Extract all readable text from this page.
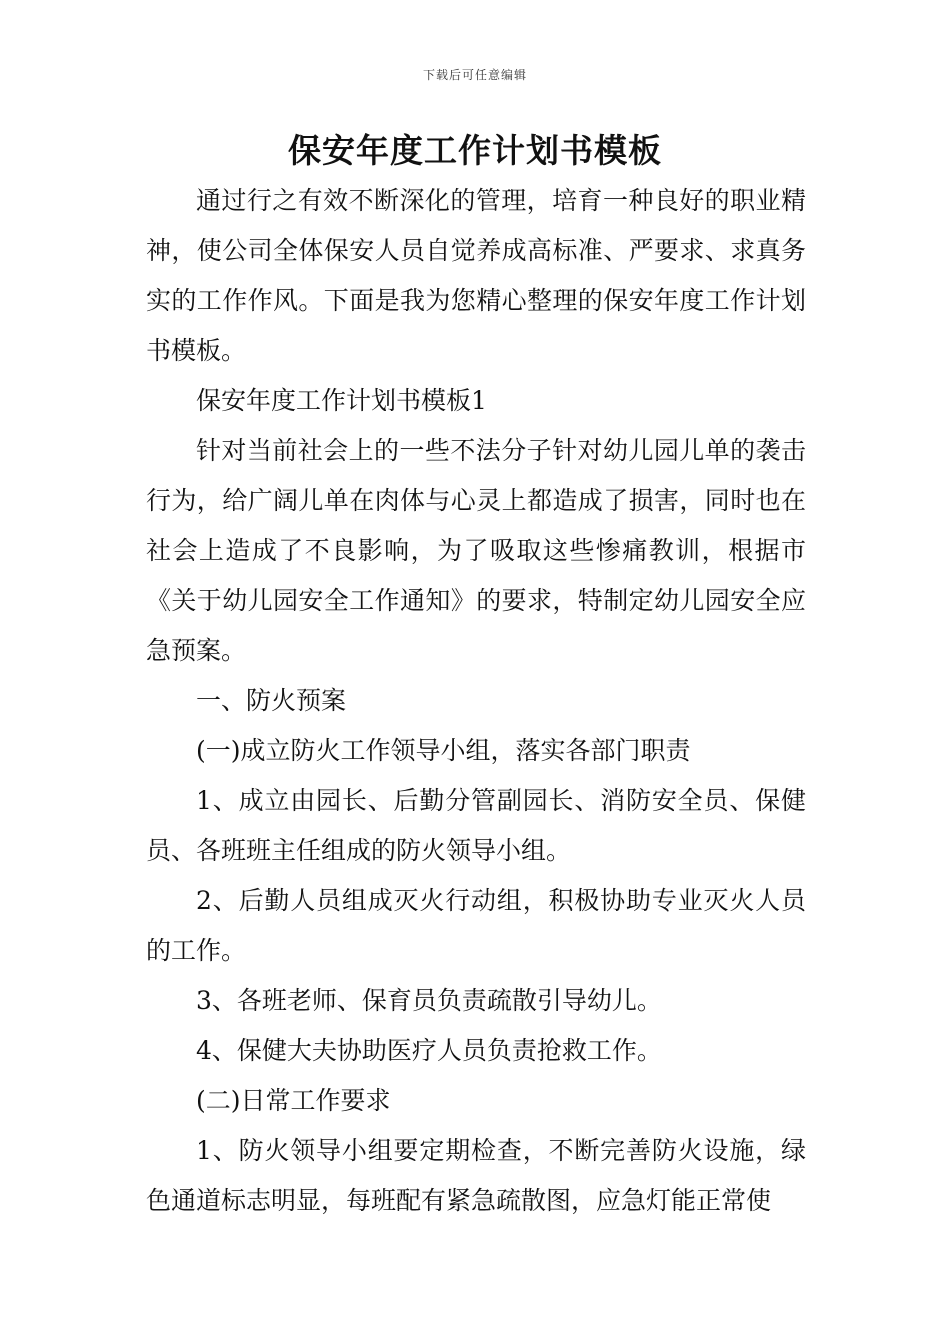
下载后可任意编辑
保安年度工作计划书模板

通过行之有效不断深化的管理，培育一种良好的职业精神，使公司全体保安人员自觉养成高标准、严要求、求真务实的工作作风。下面是我为您精心整理的保安年度工作计划书模板。

保安年度工作计划书模板1

针对当前社会上的一些不法分子针对幼儿园儿单的袭击行为，给广阔儿单在肉体与心灵上都造成了损害，同时也在社会上造成了不良影响，为了吸取这些惨痛教训，根据市《关于幼儿园安全工作通知》的要求，特制定幼儿园安全应急预案。

一、防火预案

(一)成立防火工作领导小组，落实各部门职责

1、成立由园长、后勤分管副园长、消防安全员、保健员、各班班主任组成的防火领导小组。

2、后勤人员组成灭火行动组，积极协助专业灭火人员的工作。

3、各班老师、保育员负责疏散引导幼儿。

4、保健大夫协助医疗人员负责抢救工作。

(二)日常工作要求

1、防火领导小组要定期检查，不断完善防火设施，绿色通道标志明显，每班配有紧急疏散图，应急灯能正常使
